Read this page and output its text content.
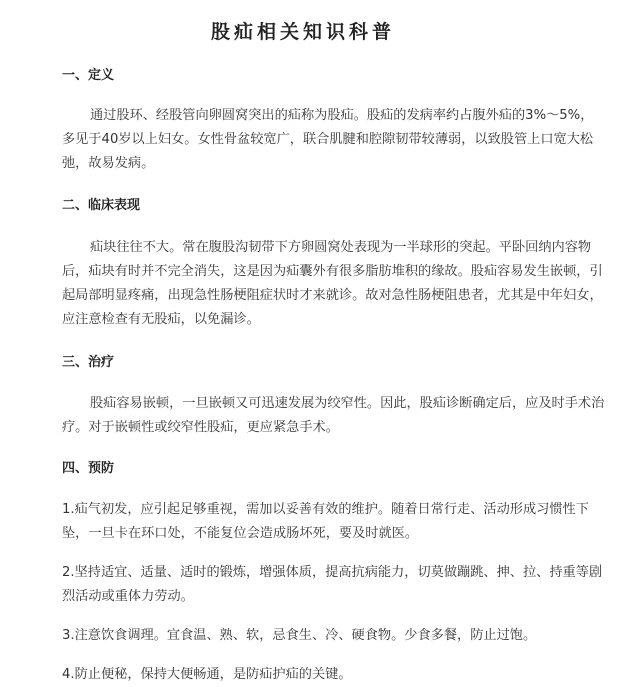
股疝相关知识科普
一、定义

通过股环、经股管向卵圆窝突出的疝称为股疝。股疝的发病率约占腹外疝的3%～5%，多见于40岁以上妇女。女性骨盆较宽广，联合肌腱和腔隙韧带较薄弱，以致股管上口宽大松弛，故易发病。

二、临床表现

疝块往往不大。常在腹股沟韧带下方卵圆窝处表现为一半球形的突起。平卧回纳内容物后，疝块有时并不完全消失，这是因为疝囊外有很多脂肪堆积的缘故。股疝容易发生嵌顿，引起局部明显疼痛，出现急性肠梗阻症状时才来就诊。故对急性肠梗阻患者，尤其是中年妇女，应注意检查有无股疝，以免漏诊。

三、治疗

股疝容易嵌顿，一旦嵌顿又可迅速发展为绞窄性。因此，股疝诊断确定后，应及时手术治疗。对于嵌顿性或绞窄性股疝，更应紧急手术。

四、预防

1.疝气初发，应引起足够重视，需加以妥善有效的维护。随着日常行走、活动形成习惯性下坠，一旦卡在环口处，不能复位会造成肠坏死，要及时就医。

2.坚持适宜、适量、适时的锻炼，增强体质，提高抗病能力，切莫做蹦跳、抻、拉、持重等剧烈活动或重体力劳动。

3.注意饮食调理。宜食温、熟、软，忌食生、冷、硬食物。少食多餐，防止过饱。

4.防止便秘，保持大便畅通，是防疝护疝的关键。
